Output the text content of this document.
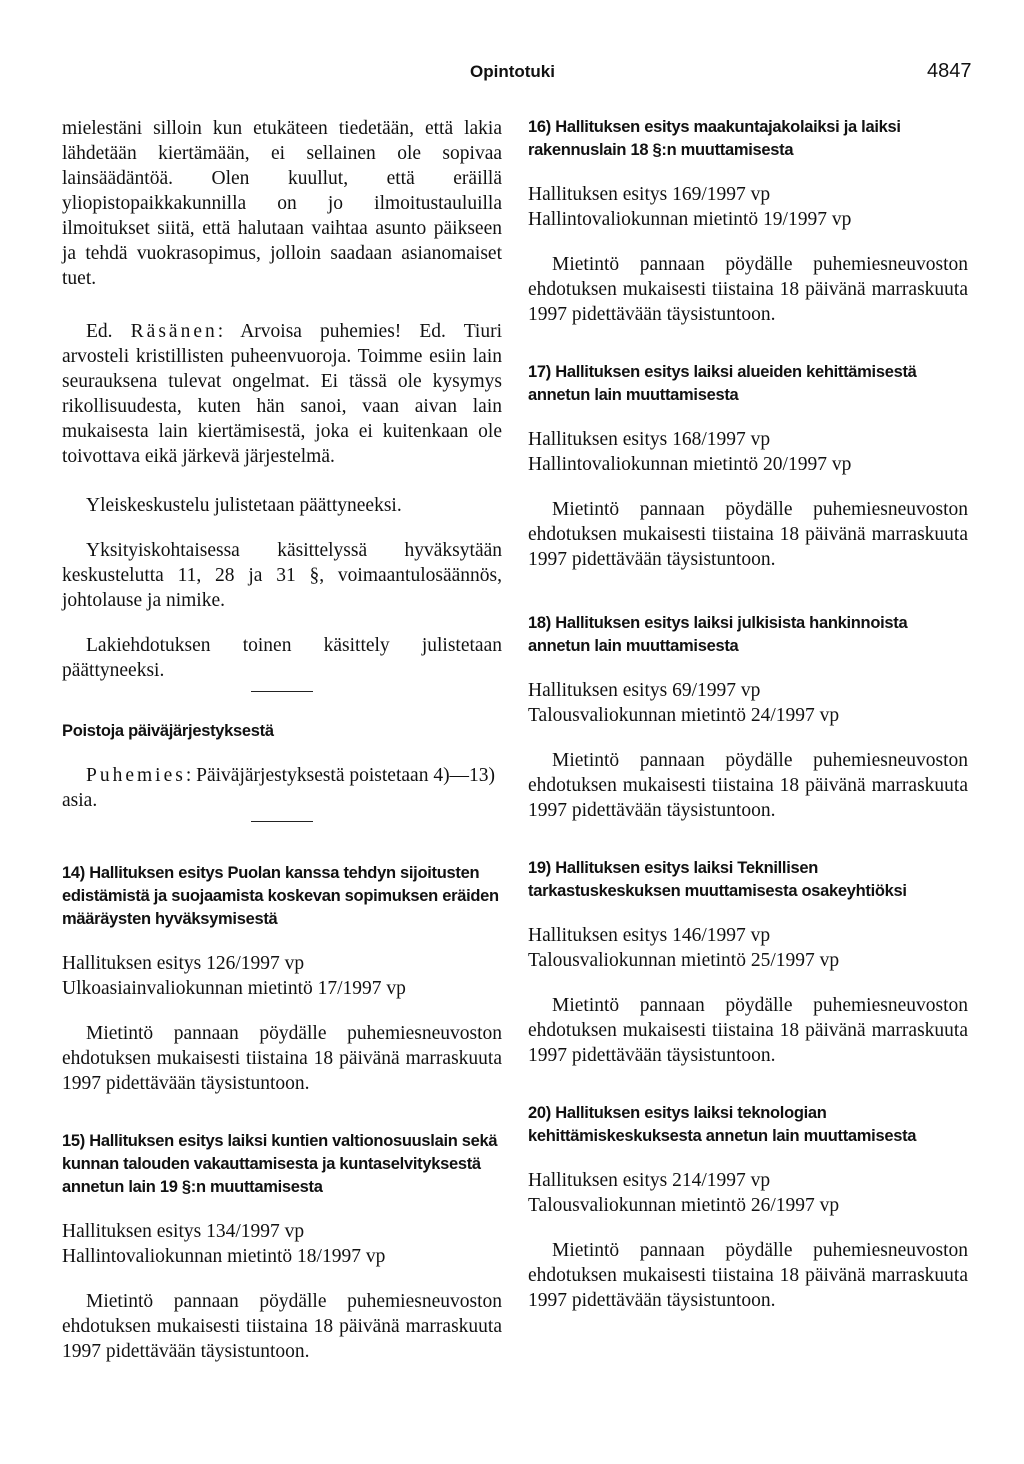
Opintotuki	4847

mielestäni silloin kun etukäteen tiedetään, että lakia lähdetään kiertämään, ei sellainen ole sopivaa lainsäädäntöä. Olen kuullut, että eräillä yliopistopaikkakunnilla on jo ilmoitustauluilla ilmoitukset siitä, että halutaan vaihtaa asunto päikseen ja tehdä vuokrasopimus, jolloin saadaan asianomaiset tuet.

Ed. Räsänen: Arvoisa puhemies! Ed. Tiuri arvosteli kristillisten puheenvuoroja. Toimme esiin lain seurauksena tulevat ongelmat. Ei tässä ole kysymys rikollisuudesta, kuten hän sanoi, vaan aivan lain mukaisesta lain kiertämisestä, joka ei kuitenkaan ole toivottava eikä järkevä järjestelmä.

Yleiskeskustelu julistetaan päättyneeksi.

Yksityiskohtaisessa käsittelyssä hyväksytään keskustelutta 11, 28 ja 31 §, voimaantulosäännös, johtolause ja nimike.

Lakiehdotuksen toinen käsittely julistetaan päättyneeksi.

Poistoja päiväjärjestyksestä

Puhemies: Päiväjärjestyksestä poistetaan 4)—13) asia.

14) Hallituksen esitys Puolan kanssa tehdyn sijoitusten edistämistä ja suojaamista koskevan sopimuksen eräiden määräysten hyväksymisestä

Hallituksen esitys 126/1997 vp

Ulkoasiainvaliokunnan mietintö 17/1997 vp

Mietintö pannaan pöydälle puhemiesneuvoston ehdotuksen mukaisesti tiistaina 18 päivänä marraskuuta 1997 pidettävään täysistuntoon.

15) Hallituksen esitys laiksi kuntien valtionosuuslain sekä kunnan talouden vakauttamisesta ja kuntaselvityksestä annetun lain 19 §:n muuttamisesta

Hallituksen esitys 134/1997 vp

Hallintovaliokunnan mietintö 18/1997 vp

Mietintö pannaan pöydälle puhemiesneuvoston ehdotuksen mukaisesti tiistaina 18 päivänä marraskuuta 1997 pidettävään täysistuntoon.

16) Hallituksen esitys maakuntajakolaiksi ja laiksi rakennuslain 18 §:n muuttamisesta

Hallituksen esitys 169/1997 vp

Hallintovaliokunnan mietintö 19/1997 vp

Mietintö pannaan pöydälle puhemiesneuvoston ehdotuksen mukaisesti tiistaina 18 päivänä marraskuuta 1997 pidettävään täysistuntoon.

17) Hallituksen esitys laiksi alueiden kehittämisestä annetun lain muuttamisesta

Hallituksen esitys 168/1997 vp

Hallintovaliokunnan mietintö 20/1997 vp

Mietintö pannaan pöydälle puhemiesneuvoston ehdotuksen mukaisesti tiistaina 18 päivänä marraskuuta 1997 pidettävään täysistuntoon.

18) Hallituksen esitys laiksi julkisista hankinnoista annetun lain muuttamisesta

Hallituksen esitys 69/1997 vp

Talousvaliokunnan mietintö 24/1997 vp

Mietintö pannaan pöydälle puhemiesneuvoston ehdotuksen mukaisesti tiistaina 18 päivänä marraskuuta 1997 pidettävään täysistuntoon.

19) Hallituksen esitys laiksi Teknillisen tarkastuskeskuksen muuttamisesta osakeyhtiöksi

Hallituksen esitys 146/1997 vp

Talousvaliokunnan mietintö 25/1997 vp

Mietintö pannaan pöydälle puhemiesneuvoston ehdotuksen mukaisesti tiistaina 18 päivänä marraskuuta 1997 pidettävään täysistuntoon.

20) Hallituksen esitys laiksi teknologian kehittämiskeskuksesta annetun lain muuttamisesta

Hallituksen esitys 214/1997 vp

Talousvaliokunnan mietintö 26/1997 vp

Mietintö pannaan pöydälle puhemiesneuvoston ehdotuksen mukaisesti tiistaina 18 päivänä marraskuuta 1997 pidettävään täysistuntoon.
